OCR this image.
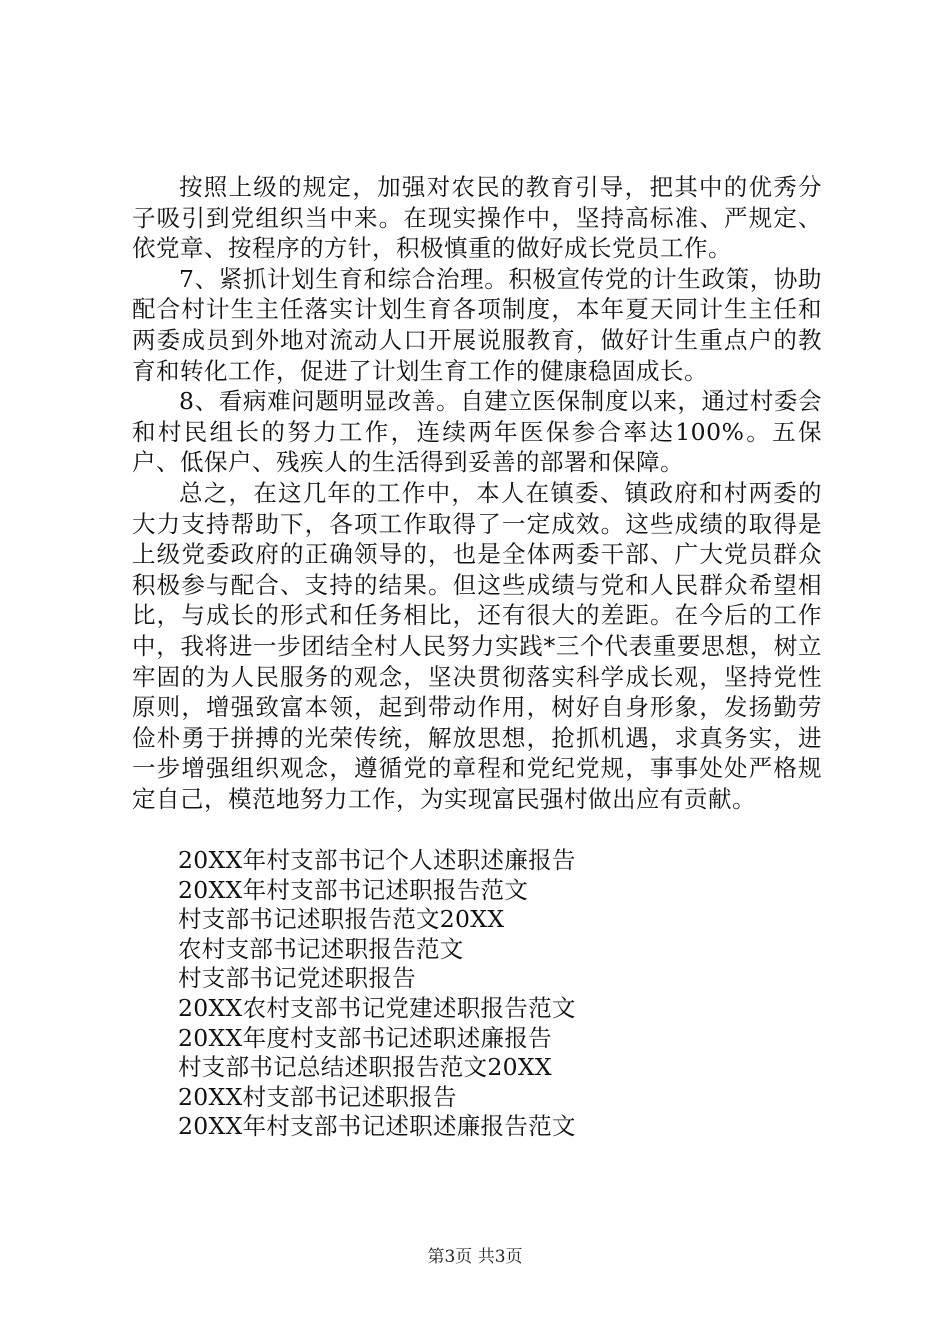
按照上级的规定，加强对农民的教育引导，把其中的优秀分子吸引到党组织当中来。在现实操作中，坚持高标准、严规定、依党章、按程序的方针，积极慎重的做好成长党员工作。

7、紧抓计划生育和综合治理。积极宣传党的计生政策，协助配合村计生主任落实计划生育各项制度，本年夏天同计生主任和两委成员到外地对流动人口开展说服教育，做好计生重点户的教育和转化工作，促进了计划生育工作的健康稳固成长。

8、看病难问题明显改善。自建立医保制度以来，通过村委会和村民组长的努力工作，连续两年医保参合率达100%。五保户、低保户、残疾人的生活得到妥善的部署和保障。

总之，在这几年的工作中，本人在镇委、镇政府和村两委的大力支持帮助下，各项工作取得了一定成效。这些成绩的取得是上级党委政府的正确领导的，也是全体两委干部、广大党员群众积极参与配合、支持的结果。但这些成绩与党和人民群众希望相比，与成长的形式和任务相比，还有很大的差距。在今后的工作中，我将进一步团结全村人民努力实践*三个代表重要思想，树立牢固的为人民服务的观念，坚决贯彻落实科学成长观，坚持党性原则，增强致富本领，起到带动作用，树好自身形象，发扬勤劳俭朴勇于拼搏的光荣传统，解放思想，抢抓机遇，求真务实，进一步增强组织观念，遵循党的章程和党纪党规，事事处处严格规定自己，模范地努力工作，为实现富民强村做出应有贡献。

20XX年村支部书记个人述职述廉报告
20XX年村支部书记述职报告范文
村支部书记述职报告范文20XX
农村支部书记述职报告范文
村支部书记党述职报告
20XX农村支部书记党建述职报告范文
20XX年度村支部书记述职述廉报告
村支部书记总结述职报告范文20XX
20XX村支部书记述职报告
20XX年村支部书记述职述廉报告范文
第3页 共3页
